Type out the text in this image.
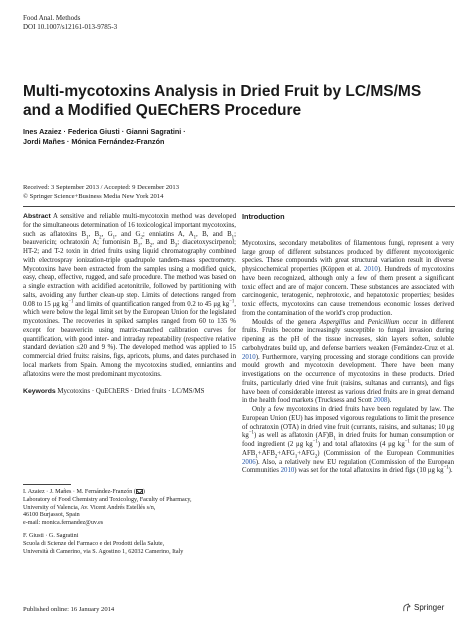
Food Anal. Methods
DOI 10.1007/s12161-013-9785-3
Multi-mycotoxins Analysis in Dried Fruit by LC/MS/MS
and a Modified QuEChERS Procedure
Ines Azaiez · Federica Giusti · Gianni Sagratini ·
Jordi Mañes · Mónica Fernández-Franzón
Received: 3 September 2013 / Accepted: 9 December 2013
© Springer Science+Business Media New York 2014

Abstract A sensitive and reliable multi-mycotoxin method was developed for the simultaneous determination of 16 toxicological important mycotoxins, such as aflatoxins $B_1$, $B_2$, $G_1$, and $G_2$; enniatins A, $A_1$, B, and $B_1$; beauvericin; ochratoxin A; fumonisin $B_1$, $B_2$, and $B_3$; diacetoxyscirpenol; HT-2; and T-2 toxin in dried fruits using liquid chromatography combined with electrospray ionization-triple quadrupole tandem-mass spectrometry. Mycotoxins have been extracted from the samples using a modified quick, easy, cheap, effective, rugged, and safe procedure. The method was based on a single extraction with acidified acetonitrile, followed by partitioning with salts, avoiding any further clean-up step. Limits of detections ranged from 0.08 to 15 μg $kg^{-1}$ and limits of quantification ranged from 0.2 to 45 μg $kg^{-1}$, which were below the legal limit set by the European Union for the legislated mycotoxines. The recoveries in spiked samples ranged from 60 to 135 % except for beauvericin using matrix-matched calibration curves for quantification, with good inter- and intraday repeatability (respective relative standard deviation ≤20 and 9 %). The developed method was applied to 15 commercial dried fruits: raisins, figs, apricots, plums, and dates purchased in local markets from Spain. Among the mycotoxins studied, enniantins and aflatoxins were the most predominant mycotoxins.

Keywords Mycotoxins · QuEChERS · Dried fruits · LC/MS/MS

I. Azaiez · J. Mañes · M. Fernández-Franzón ( )
Laboratory of Food Chemistry and Toxicology, Faculty of Pharmacy,
University of Valencia, Av. Vicent Andrés Estellés s/n,
46100 Burjassot, Spain
e-mail: monica.fernandez@uv.es
F. Giusti · G. Sagratini
Scuola di Scienze del Farmaco e dei Prodotti della Salute,
Università di Camerino, via S. Agostino 1, 62032 Camerino, Italy

Introduction

Mycotoxins, secondary metabolites of filamentous fungi, represent a very large group of different substances produced by different mycotoxigenic species. These compounds with great structural variation result in diverse physicochemical properties (Köppen et al. 2010). Hundreds of mycotoxins have been recognized, although only a few of them present a significant toxic effect and are of major concern. These substances are associated with carcinogenic, teratogenic, nephrotoxic, and hepatotoxic properties; besides toxic effects, mycotoxins can cause tremendous economic losses derived from the contamination of the world's crop production.

Moulds of the genera Aspergillus and Penicillium occur in different fruits. Fruits become increasingly susceptible to fungal invasion during ripening as the pH of the tissue increases, skin layers soften, soluble carbohydrates build up, and defense barriers weaken (Fernández-Cruz et al. 2010). Furthermore, varying processing and storage conditions can provide mould growth and mycotoxin development. There have been many investigations on the occurrence of mycotoxins in these products. Dried fruits, particularly dried vine fruit (raisins, sultanas and currants), and figs have been of considerable interest as various dried fruits are in great demand in the health food markets (Trucksess and Scott 2008).

Only a few mycotoxins in dried fruits have been regulated by law. The European Union (EU) has imposed vigorous regulations to limit the presence of ochratoxin (OTA) in dried vine fruit (currants, raisins, and sultanas; 10 μg $kg^{-1}$) as well as aflatoxin $(AF)B_1$ in dried fruits for human consumption or food ingredient (2 μg $kg^{-1}$) and total aflatoxins (4 μg $kg^{-1}$ for the sum of $AFB_1+AFB_2+AFG_1+AFG_2$) (Commission of the European Communities 2006). Also, a relatively new EU regulation (Commission of the European Communities 2010) was set for the total aflatoxins in dried figs (10 μg $kg^{-1}$).

Published online: 16 January 2014	Springer
